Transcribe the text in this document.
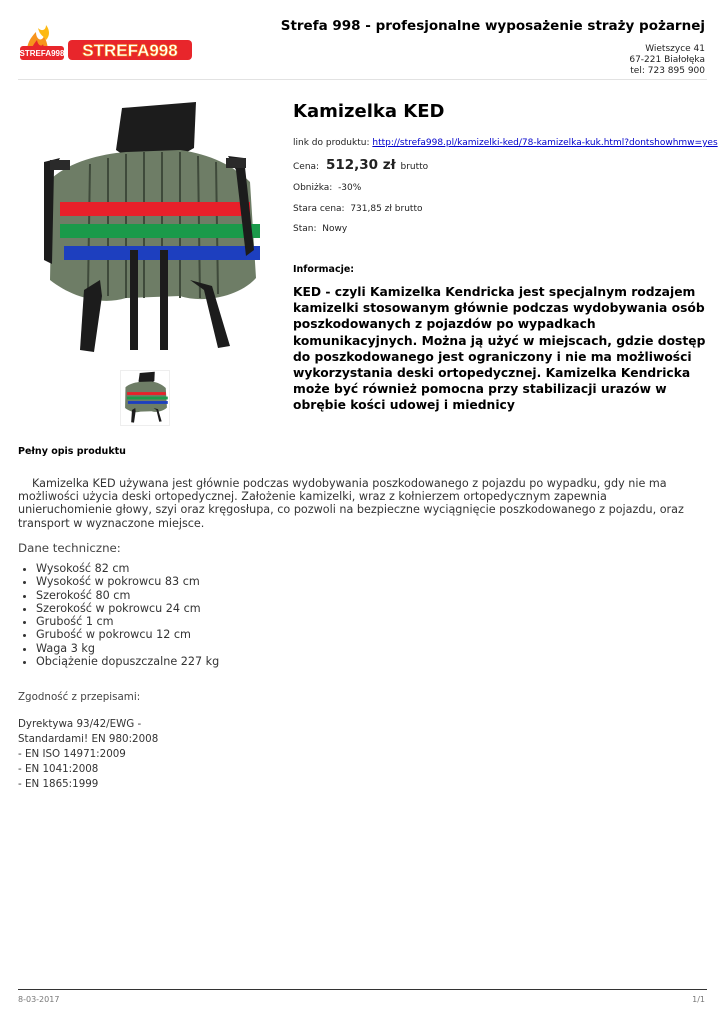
STREFA998 STREFA998
Strefa 998 - profesjonalne wyposażenie straży pożarnej
Wietszyce 41
67-221 Białołęka
tel: 723 895 900
Kamizelka KED
link do produktu: http://strefa998.pl/kamizelki-ked/78-kamizelka-kuk.html?dontshowhmw=yes
Cena: 512,30 zł brutto
Obniżka: -30%
Stara cena: 731,85 zł brutto
Stan: Nowy
Informacje:
KED - czyli Kamizelka Kendricka jest specjalnym rodzajem kamizelki stosowanym głównie podczas wydobywania osób poszkodowanych z pojazdów po wypadkach komunikacyjnych. Można ją użyć w miejscach, gdzie dostęp do poszkodowanego jest ograniczony i nie ma możliwości wykorzystania deski ortopedycznej. Kamizelka Kendricka może być również pomocna przy stabilizacji urazów w obrębie kości udowej i miednicy
Pełny opis produktu
Kamizelka KED używana jest głównie podczas wydobywania poszkodowanego z pojazdu po wypadku, gdy nie ma możliwości użycia deski ortopedycznej. Założenie kamizelki, wraz z kołnierzem ortopedycznym zapewnia unieruchomienie głowy, szyi oraz kręgosłupa, co pozwoli na bezpieczne wyciągnięcie poszkodowanego z pojazdu, oraz transport w wyznaczone miejsce.
Dane techniczne:
• Wysokość 82 cm
• Wysokość w pokrowcu 83 cm
• Szerokość 80 cm
• Szerokość w pokrowcu 24 cm
• Grubość 1 cm
• Grubość w pokrowcu 12 cm
• Waga 3 kg
• Obciążenie dopuszczalne 227 kg
Zgodność z przepisami:
Dyrektywa 93/42/EWG -
Standardami! EN 980:2008
- EN ISO 14971:2009
- EN 1041:2008
- EN 1865:1999
8-03-2017	1/1
